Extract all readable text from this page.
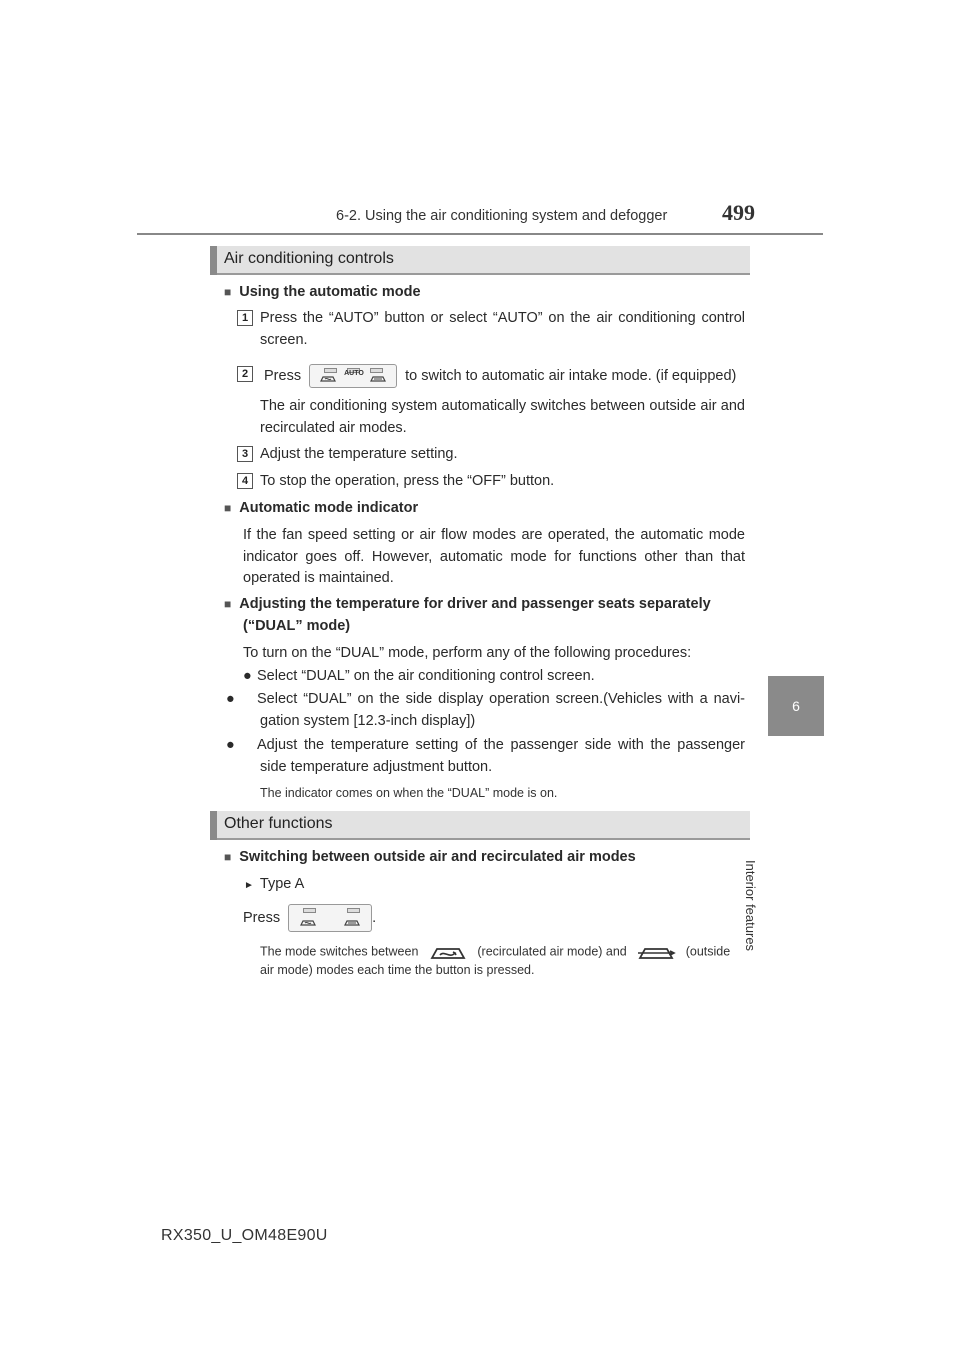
6-2. Using the air conditioning system and defogger 499
6
Interior features
Air conditioning controls
■ Using the automatic mode
1 Press the “AUTO” button or select “AUTO” on the air conditioning control screen.
2	Press	AUTO	to switch to automatic air intake mode. (if equipped)
The air conditioning system automatically switches between outside air and recirculated air modes.
3 Adjust the temperature setting.
4 To stop the operation, press the “OFF” button.
■ Automatic mode indicator
If the fan speed setting or air flow modes are operated, the automatic mode indicator goes off. However, automatic mode for functions other than that operated is maintained.
■ Adjusting the temperature for driver and passenger seats separately
(“DUAL” mode)
To turn on the “DUAL” mode, perform any of the following procedures:
● Select “DUAL” on the air conditioning control screen.
● Select “DUAL” on the side display operation screen.(Vehicles with a navi-gation system [12.3-inch display])
● Adjust the temperature setting of the passenger side with the passenger side temperature adjustment button.
The indicator comes on when the “DUAL” mode is on.
Other functions
■ Switching between outside air and recirculated air modes
► Type A
Press	.
The mode switches between	(recirculated air mode) and	(outside
air mode) modes each time the button is pressed.
RX350_U_OM48E90U
